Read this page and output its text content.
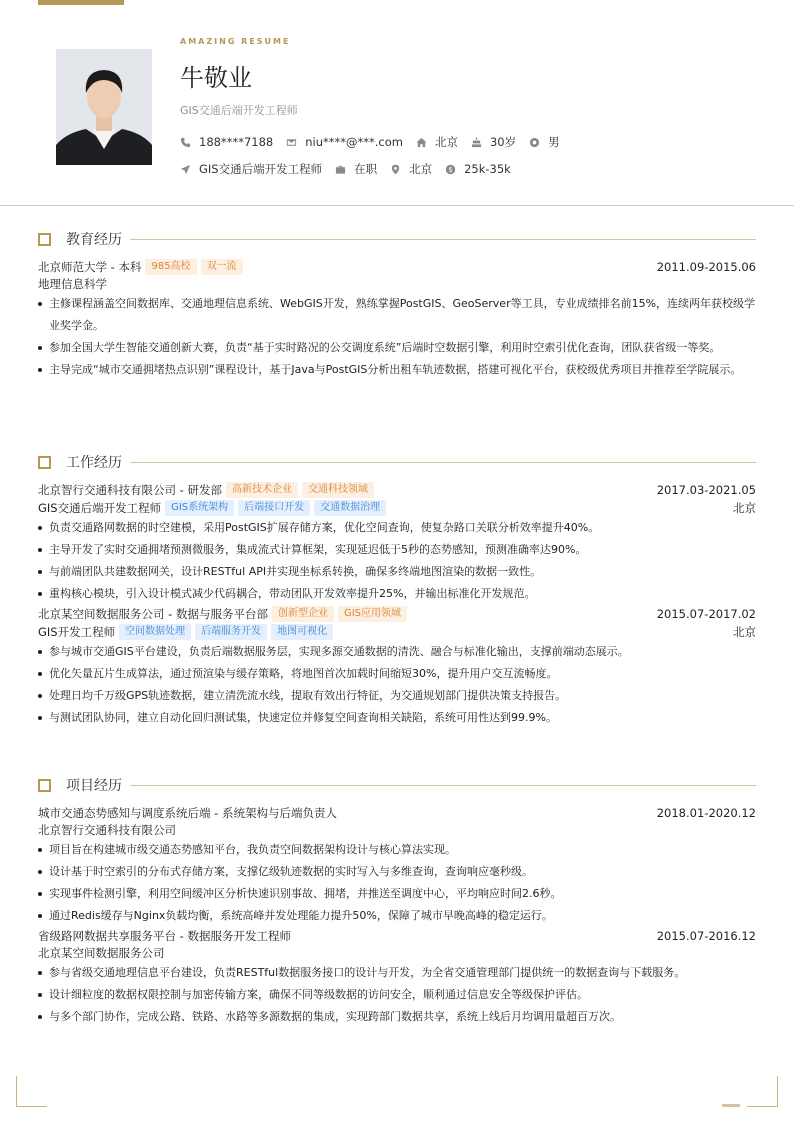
AMAZING RESUME
牛敬业
GIS交通后端开发工程师
188****7188	niu****@***.com	北京	30岁	男
GIS交通后端开发工程师	在职	北京 $ 25k-35k
教育经历
北京师范大学 - 本科	985高校	双一流	2011.09-2015.06
地理信息科学
主修课程涵盖空间数据库、交通地理信息系统、WebGIS开发，熟练掌握PostGIS、GeoServer等工具，专业成绩排名前15%，连续两年获校级学业奖学金。
参加全国大学生智能交通创新大赛，负责“基于实时路况的公交调度系统”后端时空数据引擎，利用时空索引优化查询，团队获省级一等奖。
主导完成“城市交通拥堵热点识别”课程设计，基于Java与PostGIS分析出租车轨迹数据，搭建可视化平台，获校级优秀项目并推荐至学院展示。
工作经历
北京智行交通科技有限公司 - 研发部	高新技术企业	交通科技领域	2017.03-2021.05
GIS交通后端开发工程师	GIS系统架构	后端接口开发	交通数据治理	北京
负责交通路网数据的时空建模，采用PostGIS扩展存储方案，优化空间查询，使复杂路口关联分析效率提升40%。
主导开发了实时交通拥堵预测微服务，集成流式计算框架，实现延迟低于5秒的态势感知，预测准确率达90%。
与前端团队共建数据网关，设计RESTful API并实现坐标系转换，确保多终端地图渲染的数据一致性。
重构核心模块，引入设计模式减少代码耦合，带动团队开发效率提升25%，并输出标准化开发规范。
北京某空间数据服务公司 - 数据与服务平台部	创新型企业	GIS应用领域	2015.07-2017.02
GIS开发工程师	空间数据处理	后端服务开发	地图可视化	北京
参与城市交通GIS平台建设，负责后端数据服务层，实现多源交通数据的清洗、融合与标准化输出，支撑前端动态展示。
优化矢量瓦片生成算法，通过预渲染与缓存策略，将地图首次加载时间缩短30%，提升用户交互流畅度。
处理日均千万级GPS轨迹数据，建立清洗流水线，提取有效出行特征，为交通规划部门提供决策支持报告。
与测试团队协同，建立自动化回归测试集，快速定位并修复空间查询相关缺陷，系统可用性达到99.9%。
项目经历
城市交通态势感知与调度系统后端 - 系统架构与后端负责人	2018.01-2020.12
北京智行交通科技有限公司
项目旨在构建城市级交通态势感知平台，我负责空间数据架构设计与核心算法实现。
设计基于时空索引的分布式存储方案，支撑亿级轨迹数据的实时写入与多维查询，查询响应毫秒级。
实现事件检测引擎，利用空间缓冲区分析快速识别事故、拥堵，并推送至调度中心，平均响应时间2.6秒。
通过Redis缓存与Nginx负载均衡，系统高峰并发处理能力提升50%，保障了城市早晚高峰的稳定运行。
省级路网数据共享服务平台 - 数据服务开发工程师	2015.07-2016.12
北京某空间数据服务公司
参与省级交通地理信息平台建设，负责RESTful数据服务接口的设计与开发，为全省交通管理部门提供统一的数据查询与下载服务。
设计细粒度的数据权限控制与加密传输方案，确保不同等级数据的访问安全，顺利通过信息安全等级保护评估。
与多个部门协作，完成公路、铁路、水路等多源数据的集成，实现跨部门数据共享，系统上线后月均调用量超百万次。
